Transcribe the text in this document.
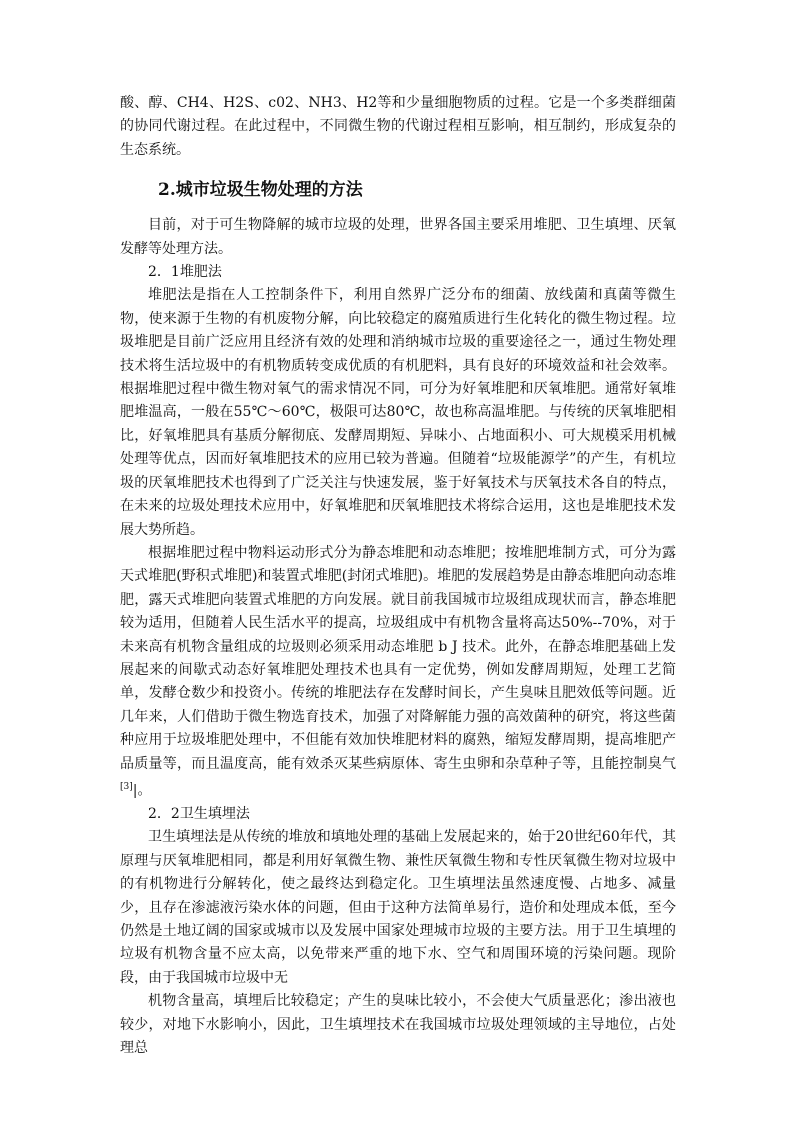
酸、醇、CH4、H2S、c02、NH3、H2等和少量细胞物质的过程。它是一个多类群细菌的协同代谢过程。在此过程中，不同微生物的代谢过程相互影响，相互制约，形成复杂的生态系统。

2.城市垃圾生物处理的方法

目前，对于可生物降解的城市垃圾的处理，世界各国主要采用堆肥、卫生填埋、厌氧发酵等处理方法。

2．1堆肥法

堆肥法是指在人工控制条件下，利用自然界广泛分布的细菌、放线菌和真菌等微生物，使来源于生物的有机废物分解，向比较稳定的腐殖质进行生化转化的微生物过程。垃圾堆肥是目前广泛应用且经济有效的处理和消纳城市垃圾的重要途径之一，通过生物处理技术将生活垃圾中的有机物质转变成优质的有机肥料，具有良好的环境效益和社会效率。根据堆肥过程中微生物对氧气的需求情况不同，可分为好氧堆肥和厌氧堆肥。通常好氧堆肥堆温高，一般在55℃～60℃，极限可达80℃，故也称高温堆肥。与传统的厌氧堆肥相比，好氧堆肥具有基质分解彻底、发酵周期短、异味小、占地面积小、可大规模采用机械处理等优点，因而好氧堆肥技术的应用已较为普遍。但随着“垃圾能源学”的产生，有机垃圾的厌氧堆肥技术也得到了广泛关注与快速发展，鉴于好氧技术与厌氧技术各自的特点，在未来的垃圾处理技术应用中，好氧堆肥和厌氧堆肥技术将综合运用，这也是堆肥技术发展大势所趋。

根据堆肥过程中物料运动形式分为静态堆肥和动态堆肥；按堆肥堆制方式，可分为露天式堆肥(野积式堆肥)和装置式堆肥(封闭式堆肥)。堆肥的发展趋势是由静态堆肥向动态堆肥，露天式堆肥向装置式堆肥的方向发展。就目前我国城市垃圾组成现状而言，静态堆肥较为适用，但随着人民生活水平的提高，垃圾组成中有机物含量将高达50%--70%，对于未来高有机物含量组成的垃圾则必须采用动态堆肥 b J 技术。此外，在静态堆肥基础上发展起来的间歇式动态好氧堆肥处理技术也具有一定优势，例如发酵周期短，处理工艺简单，发酵仓数少和投资小。传统的堆肥法存在发酵时间长，产生臭味且肥效低等问题。近几年来，人们借助于微生物选育技术，加强了对降解能力强的高效菌种的研究，将这些菌种应用于垃圾堆肥处理中，不但能有效加快堆肥材料的腐熟，缩短发酵周期，提高堆肥产品质量等，而且温度高，能有效杀灭某些病原体、寄生虫卵和杂草种子等，且能控制臭气[3]|。

2．2卫生填埋法

卫生填埋法是从传统的堆放和填地处理的基础上发展起来的，始于20世纪60年代，其原理与厌氧堆肥相同，都是利用好氧微生物、兼性厌氧微生物和专性厌氧微生物对垃圾中的有机物进行分解转化，使之最终达到稳定化。卫生填埋法虽然速度慢、占地多、减量少，且存在渗滤液污染水体的问题，但由于这种方法简单易行，造价和处理成本低，至今仍然是土地辽阔的国家或城市以及发展中国家处理城市垃圾的主要方法。用于卫生填埋的垃圾有机物含量不应太高，以免带来严重的地下水、空气和周围环境的污染问题。现阶段，由于我国城市垃圾中无

机物含量高，填埋后比较稳定；产生的臭味比较小，不会使大气质量恶化；渗出液也较少，对地下水影响小，因此，卫生填埋技术在我国城市垃圾处理领域的主导地位，占处理总
